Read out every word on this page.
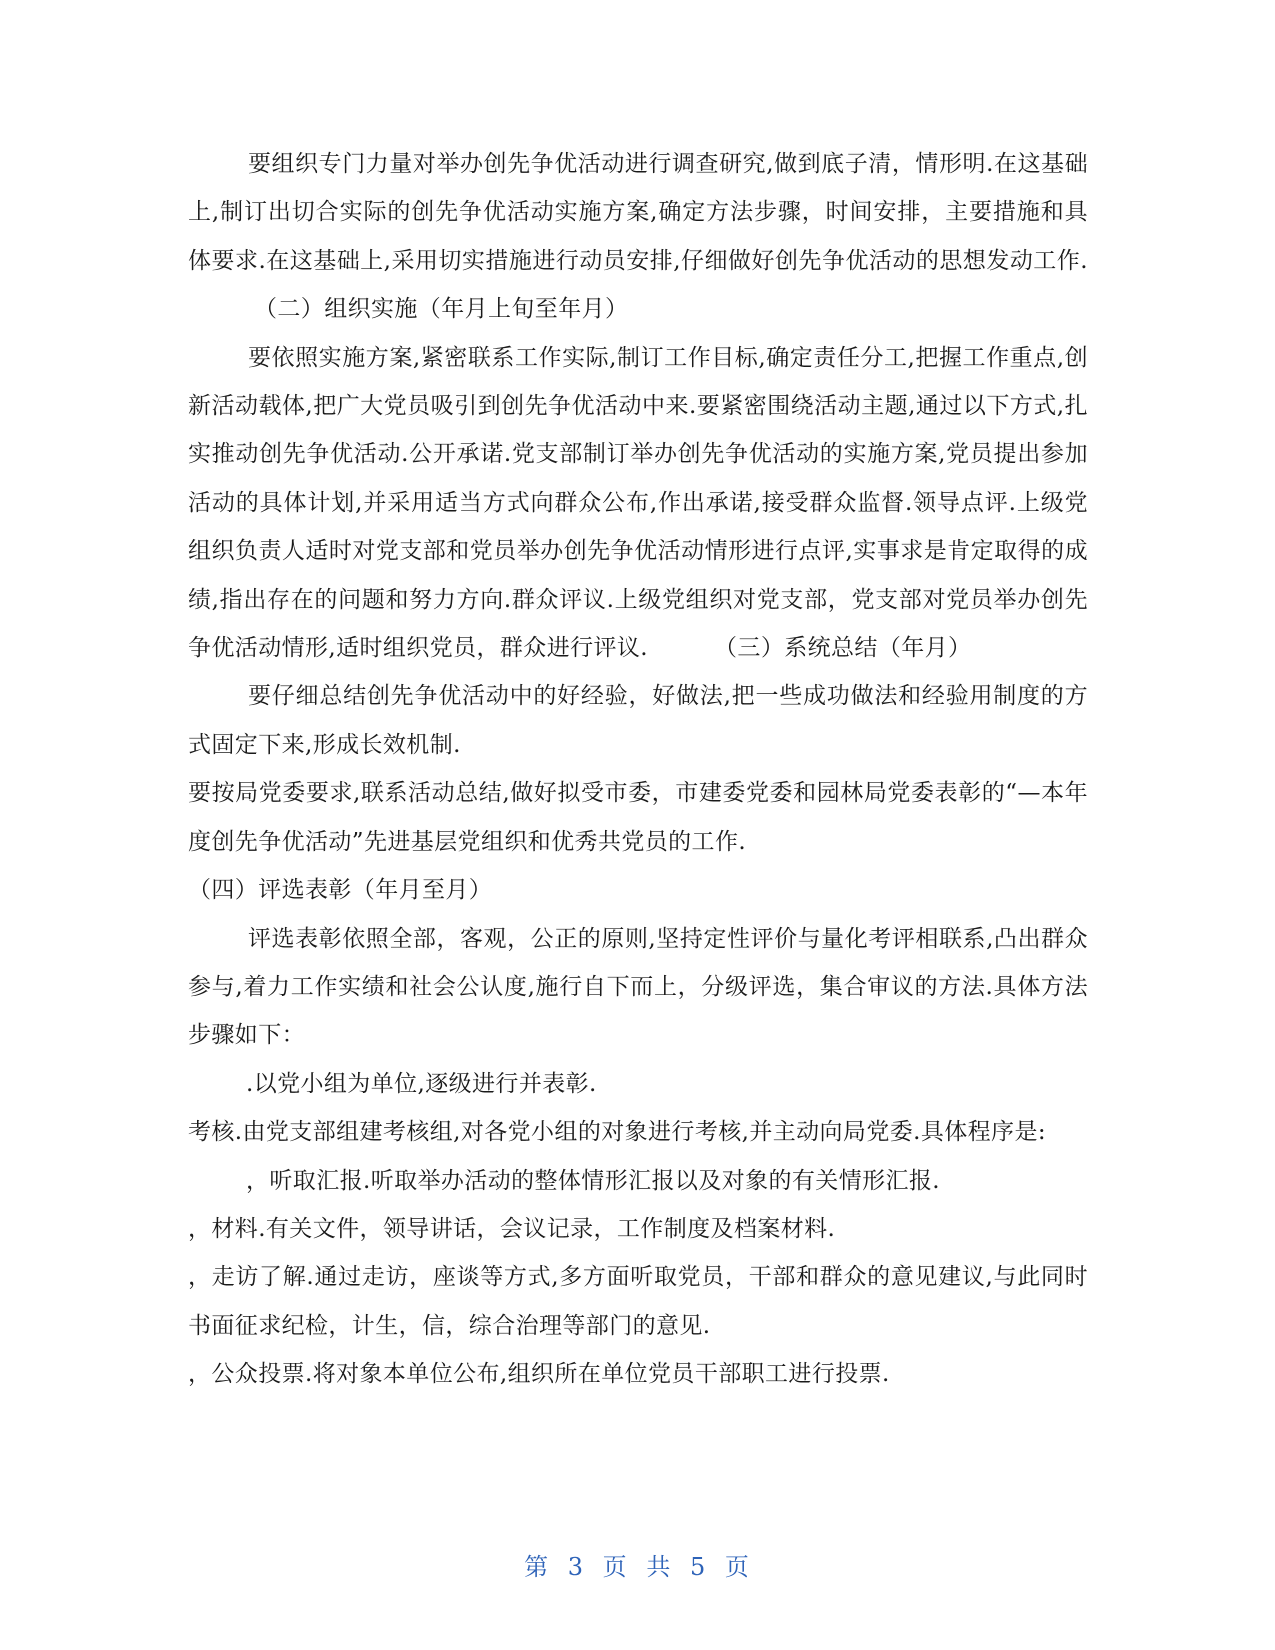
要组织专门力量对举办创先争优活动进行调查研究,做到底子清，情形明.在这基础上,制订出切合实际的创先争优活动实施方案,确定方法步骤，时间安排，主要措施和具体要求.在这基础上,采用切实措施进行动员安排,仔细做好创先争优活动的思想发动工作.（二）组织实施（年月上旬至年月）

要依照实施方案,紧密联系工作实际,制订工作目标,确定责任分工,把握工作重点,创新活动载体,把广大党员吸引到创先争优活动中来.要紧密围绕活动主题,通过以下方式,扎实推动创先争优活动.公开承诺.党支部制订举办创先争优活动的实施方案,党员提出参加活动的具体计划,并采用适当方式向群众公布,作出承诺,接受群众监督.领导点评.上级党组织负责人适时对党支部和党员举办创先争优活动情形进行点评,实事求是肯定取得的成绩,指出存在的问题和努力方向.群众评议.上级党组织对党支部，党支部对党员举办创先争优活动情形,适时组织党员，群众进行评议.	（三）系统总结（年月）

要仔细总结创先争优活动中的好经验，好做法,把一些成功做法和经验用制度的方式固定下来,形成长效机制.

要按局党委要求,联系活动总结,做好拟受市委，市建委党委和园林局党委表彰的“—本年度创先争优活动”先进基层党组织和优秀共党员的工作.

（四）评选表彰（年月至月）

评选表彰依照全部，客观，公正的原则,坚持定性评价与量化考评相联系,凸出群众参与,着力工作实绩和社会公认度,施行自下而上，分级评选，集合审议的方法.具体方法步骤如下：

.以党小组为单位,逐级进行并表彰.

考核.由党支部组建考核组,对各党小组的对象进行考核,并主动向局党委.具体程序是:

，听取汇报.听取举办活动的整体情形汇报以及对象的有关情形汇报.

，材料.有关文件，领导讲话，会议记录，工作制度及档案材料.

，走访了解.通过走访，座谈等方式,多方面听取党员，干部和群众的意见建议,与此同时书面征求纪检，计生，信，综合治理等部门的意见.

，公众投票.将对象本单位公布,组织所在单位党员干部职工进行投票.

第 3 页 共 5 页
